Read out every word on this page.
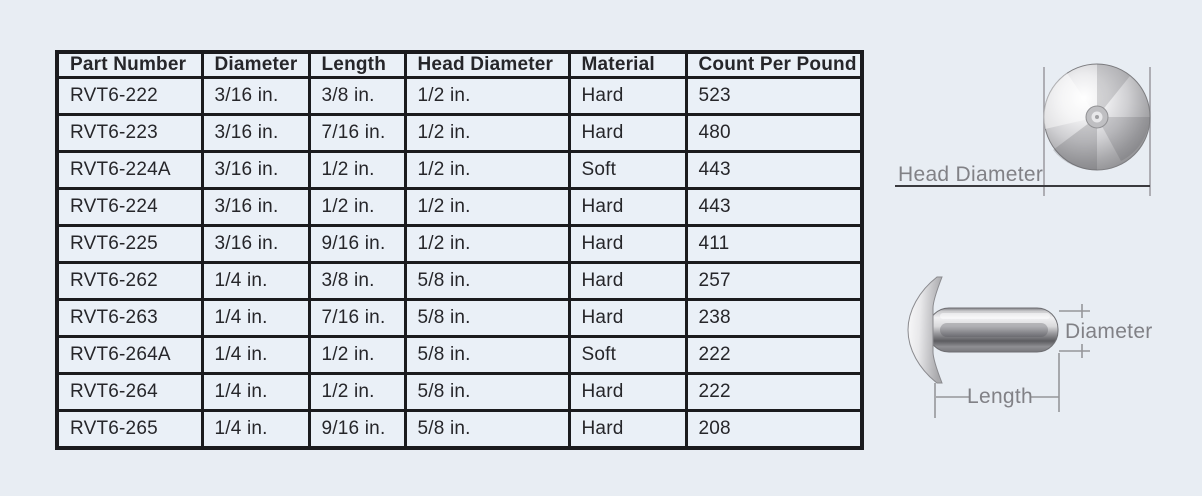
Part Number	Diameter	Length	Head Diameter	Material	Count Per Pound
RVT6-222	3/16 in.	3/8 in.	1/2 in.	Hard	523
RVT6-223	3/16 in.	7/16 in.	1/2 in.	Hard	480
RVT6-224A	3/16 in.	1/2 in.	1/2 in.	Soft	443
RVT6-224	3/16 in.	1/2 in.	1/2 in.	Hard	443
RVT6-225	3/16 in.	9/16 in.	1/2 in.	Hard	411
RVT6-262	1/4 in.	3/8 in.	5/8 in.	Hard	257
RVT6-263	1/4 in.	7/16 in.	5/8 in.	Hard	238
RVT6-264A	1/4 in.	1/2 in.	5/8 in.	Soft	222
RVT6-264	1/4 in.	1/2 in.	5/8 in.	Hard	222
RVT6-265	1/4 in.	9/16 in.	5/8 in.	Hard	208
Head Diameter
Diameter
Length
